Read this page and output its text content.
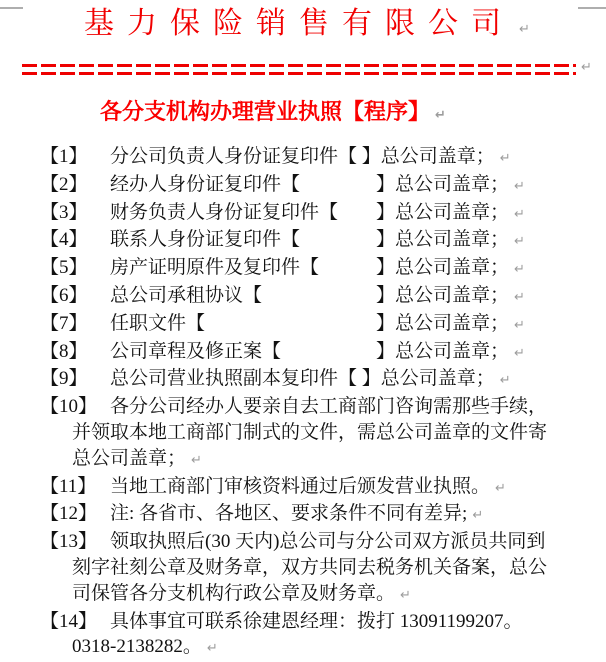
基力保险销售有限公司 ↵
↵
各分支机构办理营业执照【程序】 ↵
【1】	分公司负责人身份证复印件【 】总公司盖章； ↵
【2】	经办人身份证复印件【　　　　】总公司盖章； ↵
【3】	财务负责人身份证复印件【　　】总公司盖章； ↵
【4】	联系人身份证复印件【　　　　】总公司盖章； ↵
【5】	房产证明原件及复印件【　　　】总公司盖章； ↵
【6】	总公司承租协议【　　　　　　】总公司盖章； ↵
【7】	任职文件【　　　　　　　　　】总公司盖章； ↵
【8】	公司章程及修正案【　　　　　】总公司盖章； ↵
【9】	总公司营业执照副本复印件【 】总公司盖章； ↵
【10】 各分公司经办人要亲自去工商部门咨询需那些手续，
并领取本地工商部门制式的文件，需总公司盖章的文件寄
总公司盖章； ↵
【11】 当地工商部门审核资料通过后颁发营业执照。 ↵
【12】 注: 各省市、各地区、要求条件不同有差异; ↵
【13】 领取执照后(30 天内)总公司与分公司双方派员共同到
刻字社刻公章及财务章，双方共同去税务机关备案，总公
司保管各分支机构行政公章及财务章。 ↵
【14】 具体事宜可联系徐建恩经理：拨打 13091199207。
0318-2138282。 ↵
